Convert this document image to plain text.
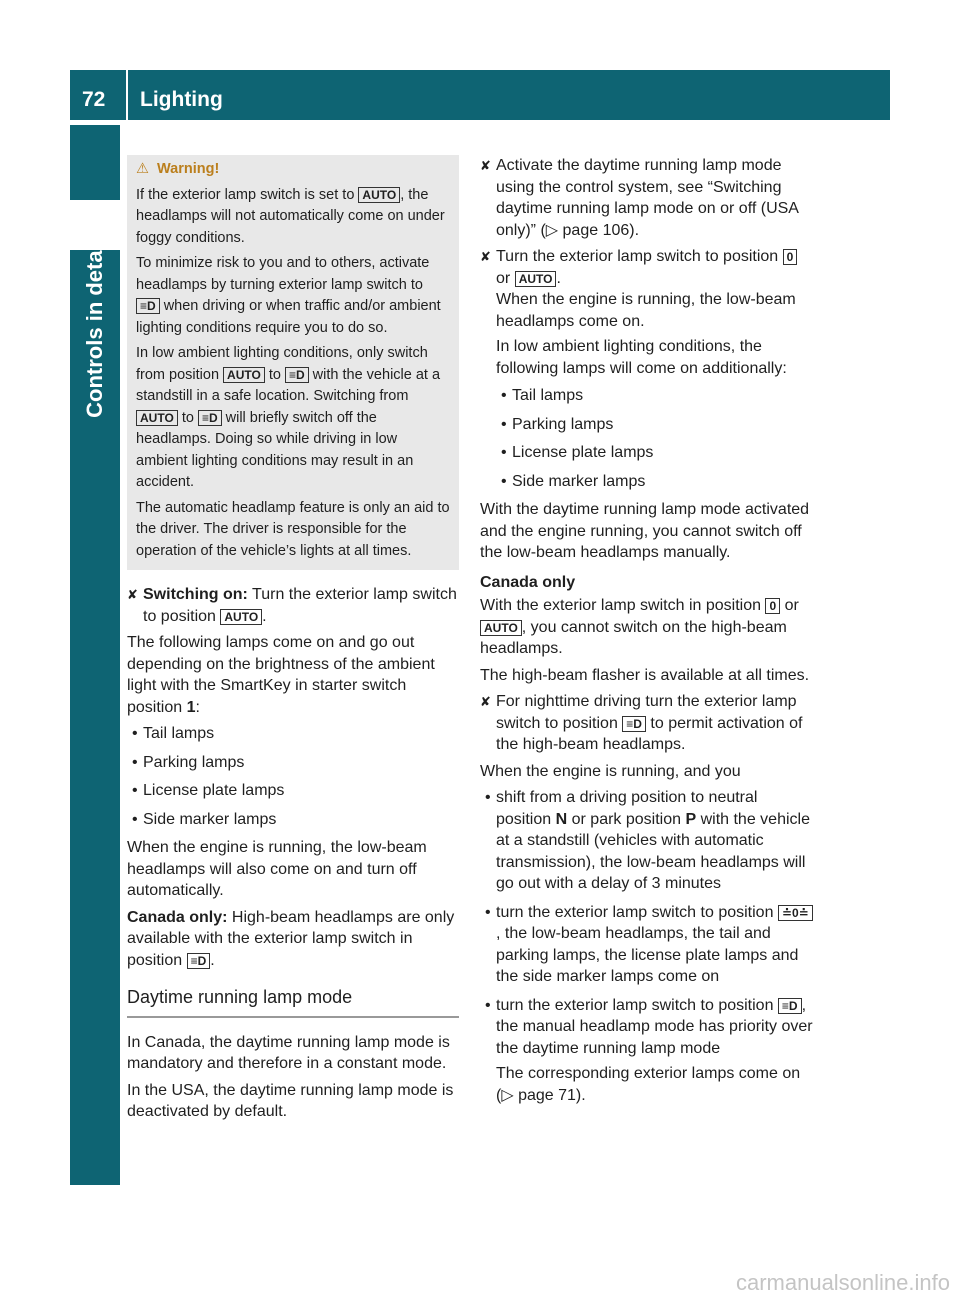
72 Lighting
Controls in detail

⚠ Warning!

If the exterior lamp switch is set to AUTO , the headlamps will not automatically come on under foggy conditions.

To minimize risk to you and to others, activate headlamps by turning exterior lamp switch to ≡D when driving or when traffic and/or ambient lighting conditions require you to do so.

In low ambient lighting conditions, only switch from position AUTO to ≡D with the vehicle at a standstill in a safe location. Switching from AUTO to ≡D will briefly switch off the headlamps. Doing so while driving in low ambient lighting conditions may result in an accident.

The automatic headlamp feature is only an aid to the driver. The driver is responsible for the operation of the vehicle’s lights at all times.

✘ Switching on: Turn the exterior lamp switch to position AUTO .

The following lamps come on and go out depending on the brightness of the ambient light with the SmartKey in starter switch position 1:

• Tail lamps
• Parking lamps
• License plate lamps
• Side marker lamps

When the engine is running, the low-beam headlamps will also come on and turn off automatically.

Canada only: High-beam headlamps are only available with the exterior lamp switch in position ≡D .

Daytime running lamp mode

In Canada, the daytime running lamp mode is mandatory and therefore in a constant mode.

In the USA, the daytime running lamp mode is deactivated by default.

✘ Activate the daytime running lamp mode using the control system, see “Switching daytime running lamp mode on or off (USA only)” (▷ page 106).
✘ Turn the exterior lamp switch to position 0 or AUTO .
When the engine is running, the low-beam headlamps come on.
In low ambient lighting conditions, the following lamps will come on additionally:
• Tail lamps
• Parking lamps
• License plate lamps
• Side marker lamps

With the daytime running lamp mode activated and the engine running, you cannot switch off the low-beam headlamps manually.

Canada only

With the exterior lamp switch in position 0 or AUTO , you cannot switch on the high-beam headlamps.

The high-beam flasher is available at all times.

✘ For nighttime driving turn the exterior lamp switch to position ≡D to permit activation of the high-beam headlamps.

When the engine is running, and you

• shift from a driving position to neutral position N or park position P with the vehicle at a standstill (vehicles with automatic transmission), the low-beam headlamps will go out with a delay of 3 minutes
• turn the exterior lamp switch to position ≐0≐, the low-beam headlamps, the tail and parking lamps, the license plate lamps and the side marker lamps come on
• turn the exterior lamp switch to position ≡D , the manual headlamp mode has priority over the daytime running lamp mode
The corresponding exterior lamps come on (▷ page 71).
carmanualsonline.info
